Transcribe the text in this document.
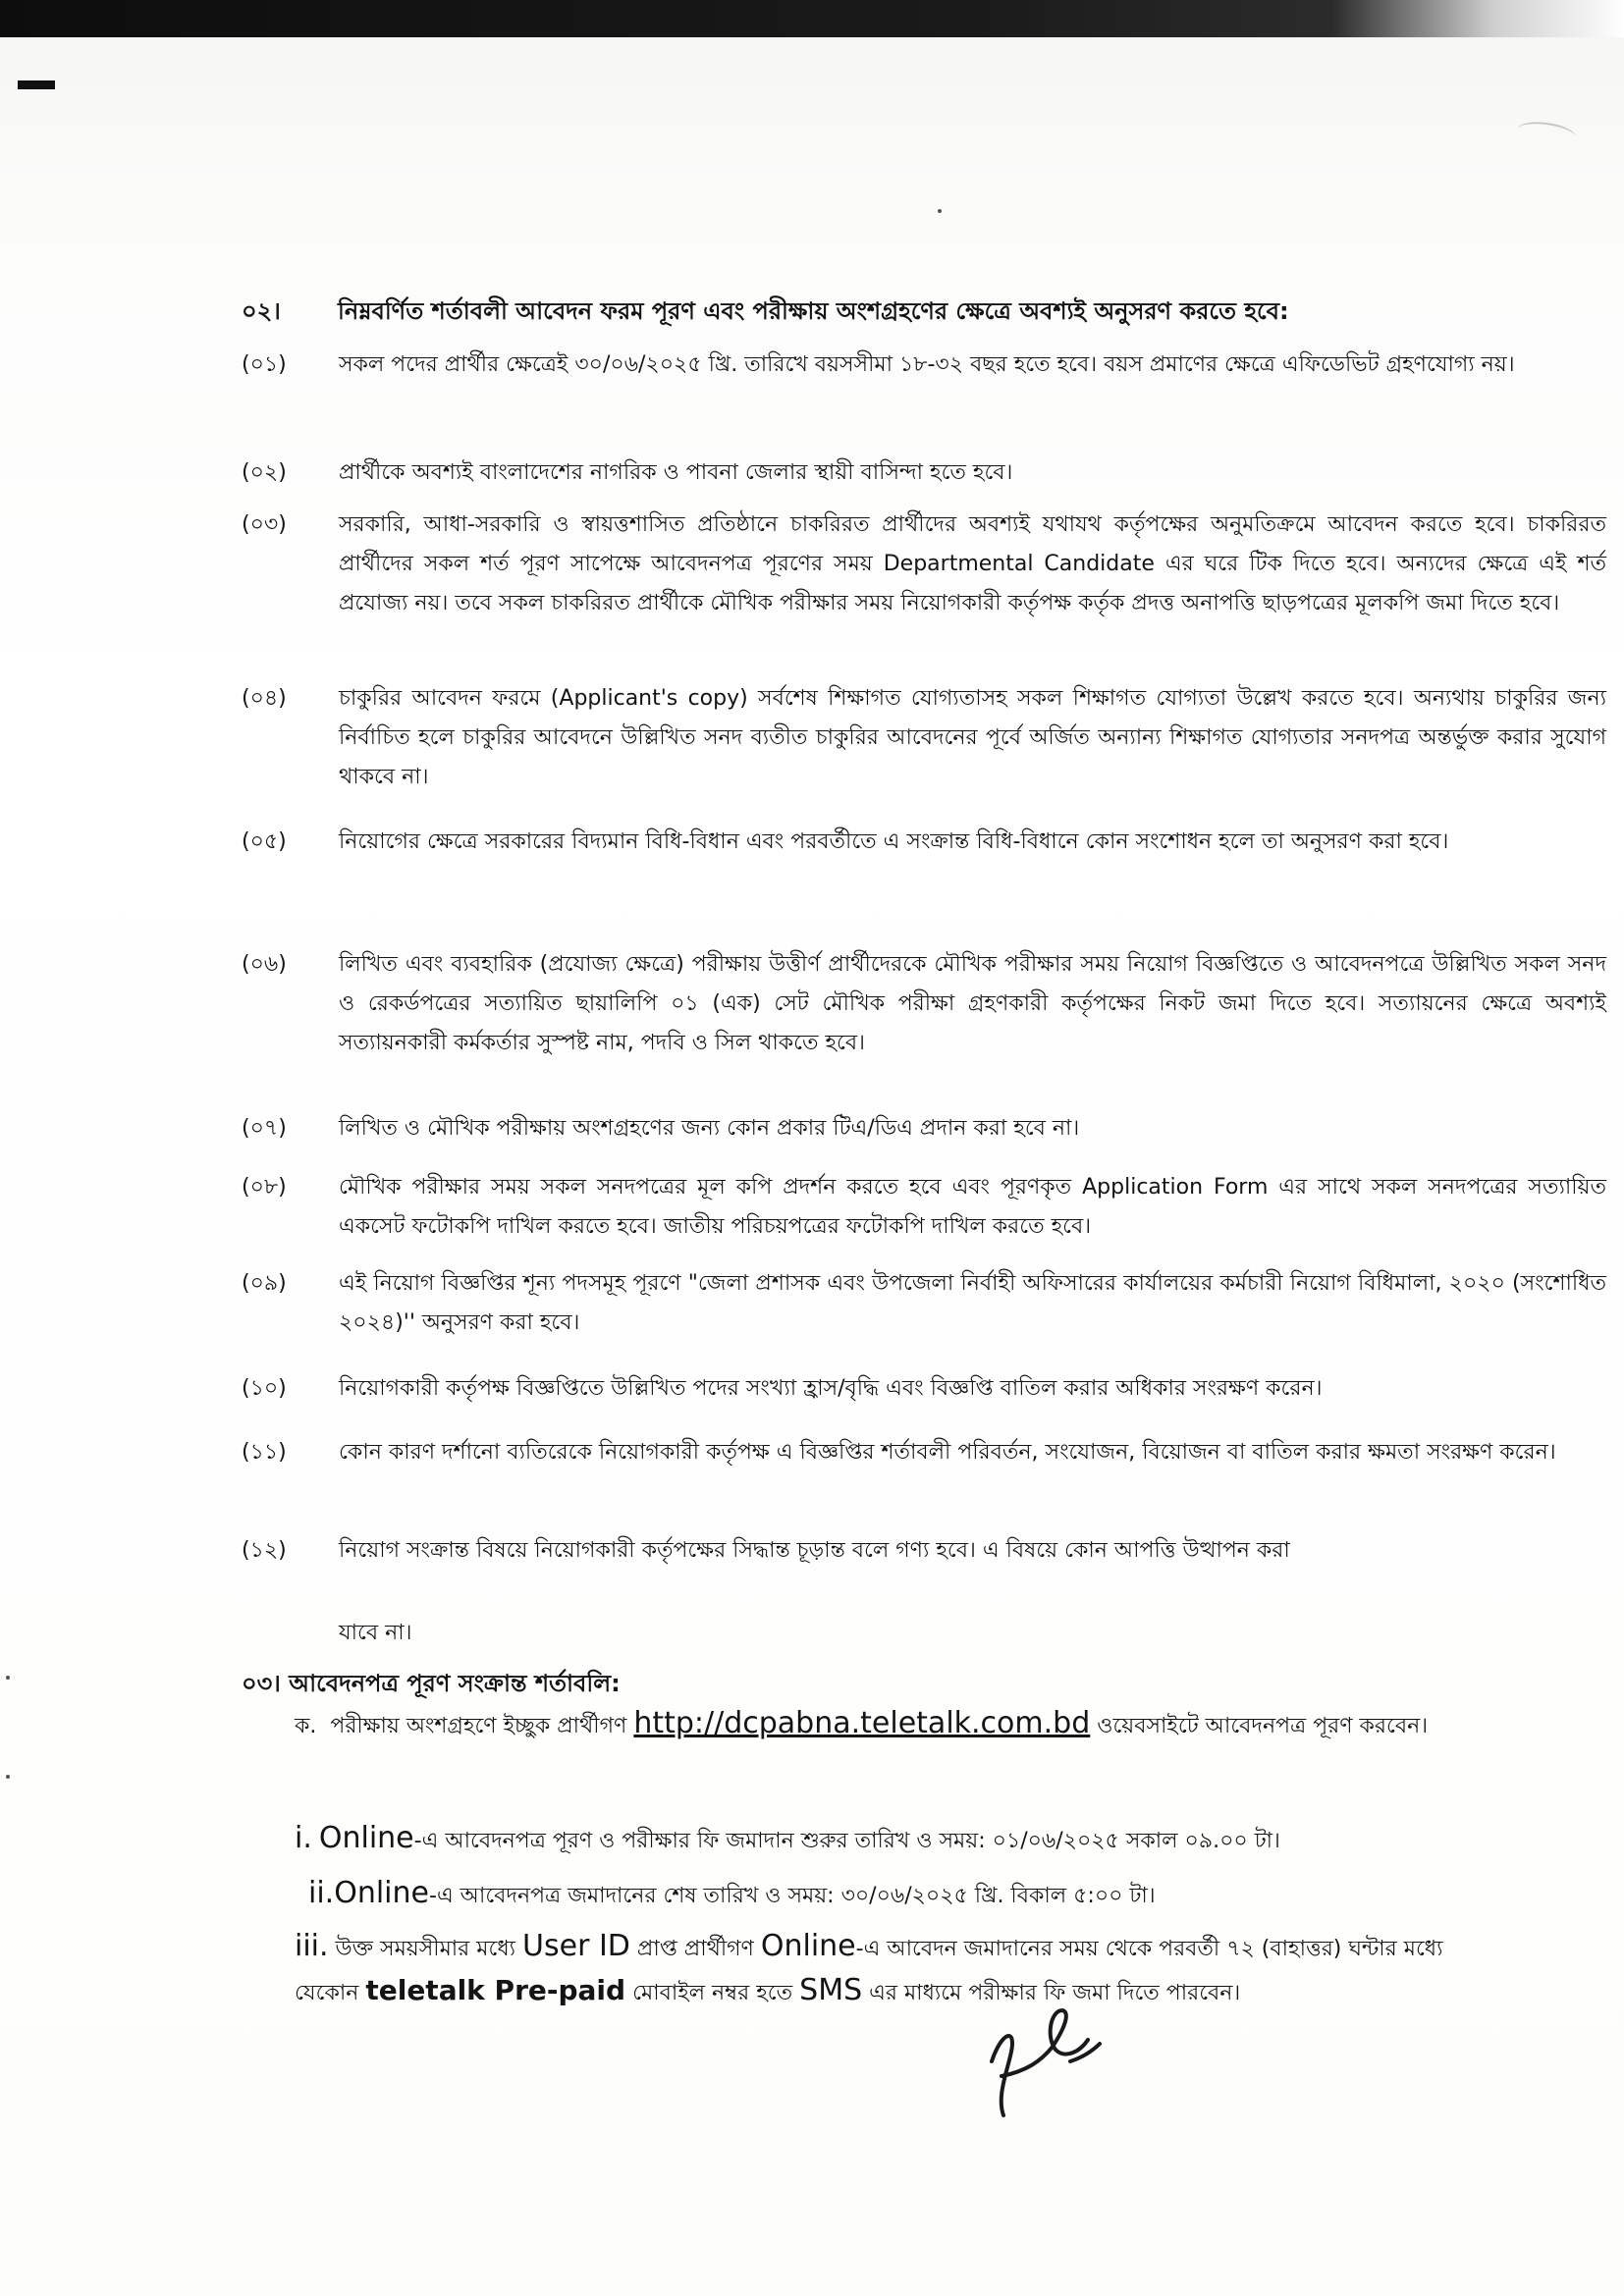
০২। নিম্নবর্ণিত শর্তাবলী আবেদন ফরম পূরণ এবং পরীক্ষায় অংশগ্রহণের ক্ষেত্রে অবশ্যই অনুসরণ করতে হবে:
(০১)	সকল পদের প্রার্থীর ক্ষেত্রেই ৩০/০৬/২০২৫ খ্রি. তারিখে বয়সসীমা ১৮-৩২ বছর হতে হবে। বয়স প্রমাণের ক্ষেত্রে এফিডেভিট গ্রহণযোগ্য নয়।
(০২)	প্রার্থীকে অবশ্যই বাংলাদেশের নাগরিক ও পাবনা জেলার স্থায়ী বাসিন্দা হতে হবে।
(০৩)	সরকারি, আধা-সরকারি ও স্বায়ত্তশাসিত প্রতিষ্ঠানে চাকরিরত প্রার্থীদের অবশ্যই যথাযথ কর্তৃপক্ষের অনুমতিক্রমে আবেদন করতে হবে। চাকরিরত প্রার্থীদের সকল শর্ত পূরণ সাপেক্ষে আবেদনপত্র পূরণের সময় Departmental Candidate এর ঘরে টিক দিতে হবে। অন্যদের ক্ষেত্রে এই শর্ত প্রযোজ্য নয়। তবে সকল চাকরিরত প্রার্থীকে মৌখিক পরীক্ষার সময় নিয়োগকারী কর্তৃপক্ষ কর্তৃক প্রদত্ত অনাপত্তি ছাড়পত্রের মূলকপি জমা দিতে হবে।
(০৪)	চাকুরির আবেদন ফরমে (Applicant's copy) সর্বশেষ শিক্ষাগত যোগ্যতাসহ সকল শিক্ষাগত যোগ্যতা উল্লেখ করতে হবে। অন্যথায় চাকুরির জন্য নির্বাচিত হলে চাকুরির আবেদনে উল্লিখিত সনদ ব্যতীত চাকুরির আবেদনের পূর্বে অর্জিত অন্যান্য শিক্ষাগত যোগ্যতার সনদপত্র অন্তর্ভুক্ত করার সুযোগ থাকবে না।
(০৫)	নিয়োগের ক্ষেত্রে সরকারের বিদ্যমান বিধি-বিধান এবং পরবর্তীতে এ সংক্রান্ত বিধি-বিধানে কোন সংশোধন হলে তা অনুসরণ করা হবে।
(০৬)	লিখিত এবং ব্যবহারিক (প্রযোজ্য ক্ষেত্রে) পরীক্ষায় উত্তীর্ণ প্রার্থীদেরকে মৌখিক পরীক্ষার সময় নিয়োগ বিজ্ঞপ্তিতে ও আবেদনপত্রে উল্লিখিত সকল সনদ ও রেকর্ডপত্রের সত্যায়িত ছায়ালিপি ০১ (এক) সেট মৌখিক পরীক্ষা গ্রহণকারী কর্তৃপক্ষের নিকট জমা দিতে হবে। সত্যায়নের ক্ষেত্রে অবশ্যই সত্যায়নকারী কর্মকর্তার সুস্পষ্ট নাম, পদবি ও সিল থাকতে হবে।
(০৭)	লিখিত ও মৌখিক পরীক্ষায় অংশগ্রহণের জন্য কোন প্রকার টিএ/ডিএ প্রদান করা হবে না।
(০৮)	মৌখিক পরীক্ষার সময় সকল সনদপত্রের মূল কপি প্রদর্শন করতে হবে এবং পূরণকৃত Application Form এর সাথে সকল সনদপত্রের সত্যায়িত একসেট ফটোকপি দাখিল করতে হবে। জাতীয় পরিচয়পত্রের ফটোকপি দাখিল করতে হবে।
(০৯)	এই নিয়োগ বিজ্ঞপ্তির শূন্য পদসমূহ পূরণে "জেলা প্রশাসক এবং উপজেলা নির্বাহী অফিসারের কার্যালয়ের কর্মচারী নিয়োগ বিধিমালা, ২০২০ (সংশোধিত ২০২৪)'' অনুসরণ করা হবে।
(১০)	নিয়োগকারী কর্তৃপক্ষ বিজ্ঞপ্তিতে উল্লিখিত পদের সংখ্যা হ্রাস/বৃদ্ধি এবং বিজ্ঞপ্তি বাতিল করার অধিকার সংরক্ষণ করেন।
(১১)	কোন কারণ দর্শানো ব্যতিরেকে নিয়োগকারী কর্তৃপক্ষ এ বিজ্ঞপ্তির শর্তাবলী পরিবর্তন, সংযোজন, বিয়োজন বা বাতিল করার ক্ষমতা সংরক্ষণ করেন।
(১২)	নিয়োগ সংক্রান্ত বিষয়ে নিয়োগকারী কর্তৃপক্ষের সিদ্ধান্ত চূড়ান্ত বলে গণ্য হবে। এ বিষয়ে কোন আপত্তি উত্থাপন করা
যাবে না।
০৩। আবেদনপত্র পূরণ সংক্রান্ত শর্তাবলি:
ক. পরীক্ষায় অংশগ্রহণে ইচ্ছুক প্রার্থীগণ http://dcpabna.teletalk.com.bd ওয়েবসাইটে আবেদনপত্র পূরণ করবেন।
i. Online-এ আবেদনপত্র পূরণ ও পরীক্ষার ফি জমাদান শুরুর তারিখ ও সময়: ০১/০৬/২০২৫ সকাল ০৯.০০ টা।
ii.Online-এ আবেদনপত্র জমাদানের শেষ তারিখ ও সময়: ৩০/০৬/২০২৫ খ্রি. বিকাল ৫:০০ টা।
iii. উক্ত সময়সীমার মধ্যে User ID প্রাপ্ত প্রার্থীগণ Online-এ আবেদন জমাদানের সময় থেকে পরবর্তী ৭২ (বাহাত্তর) ঘন্টার মধ্যে যেকোন teletalk Pre-paid মোবাইল নম্বর হতে SMS এর মাধ্যমে পরীক্ষার ফি জমা দিতে পারবেন।
